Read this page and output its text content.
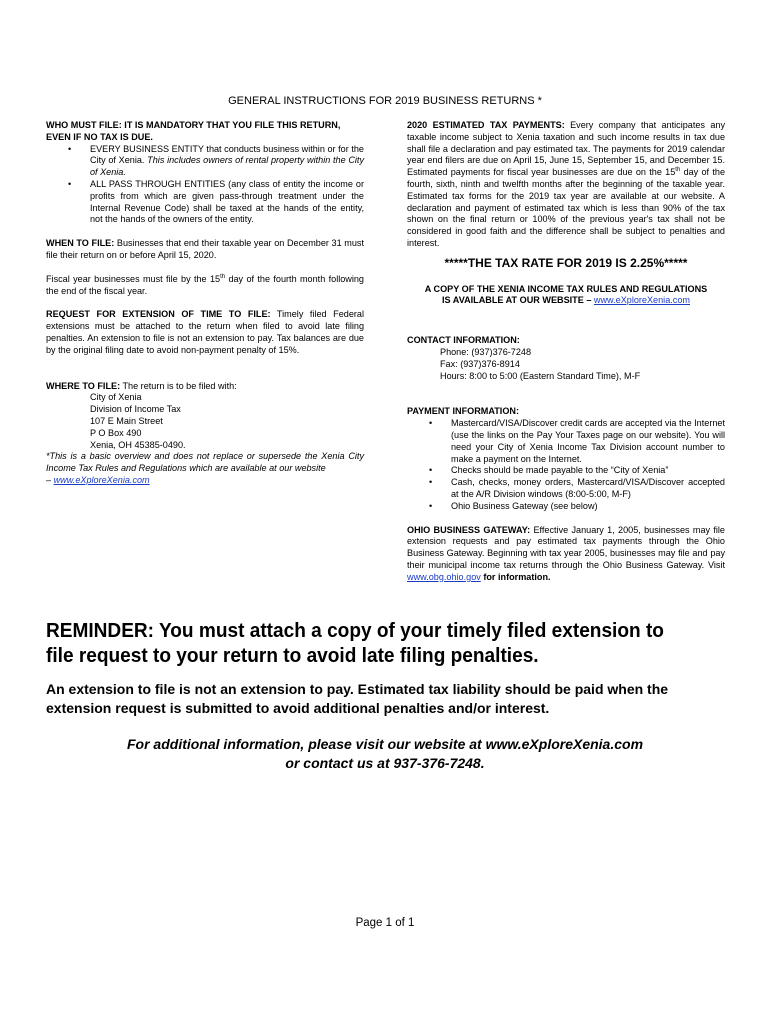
GENERAL INSTRUCTIONS FOR 2019 BUSINESS RETURNS *

WHO MUST FILE: IT IS MANDATORY THAT YOU FILE THIS RETURN, EVEN IF NO TAX IS DUE.

• EVERY BUSINESS ENTITY that conducts business within or for the City of Xenia. This includes owners of rental property within the City of Xenia.
• ALL PASS THROUGH ENTITIES (any class of entity the income or profits from which are given pass-through treatment under the Internal Revenue Code) shall be taxed at the hands of the entity, not the hands of the owners of the entity.

WHEN TO FILE: Businesses that end their taxable year on December 31 must file their return on or before April 15, 2020.

Fiscal year businesses must file by the 15th day of the fourth month following the end of the fiscal year.

REQUEST FOR EXTENSION OF TIME TO FILE: Timely filed Federal extensions must be attached to the return when filed to avoid late filing penalties. An extension to file is not an extension to pay. Tax balances are due by the original filing date to avoid non-payment penalty of 15%.

WHERE TO FILE: The return is to be filed with:

City of Xenia

Division of Income Tax

107 E Main Street

P O Box 490

Xenia, OH 45385-0490.

*This is a basic overview and does not replace or supersede the Xenia City Income Tax Rules and Regulations which are available at our website
– www.eXploreXenia.com

2020 ESTIMATED TAX PAYMENTS: Every company that anticipates any taxable income subject to Xenia taxation and such income results in tax due shall file a declaration and pay estimated tax. The payments for 2019 calendar year end filers are due on April 15, June 15, September 15, and December 15. Estimated payments for fiscal year businesses are due on the 15th day of the fourth, sixth, ninth and twelfth months after the beginning of the taxable year. Estimated tax forms for the 2019 tax year are available at our website. A declaration and payment of estimated tax which is less than 90% of the tax shown on the final return or 100% of the previous year's tax shall not be considered in good faith and the difference shall be subject to penalties and interest.

*****THE TAX RATE FOR 2019 IS 2.25%*****

A COPY OF THE XENIA INCOME TAX RULES AND REGULATIONS

IS AVAILABLE AT OUR WEBSITE – www.eXploreXenia.com

CONTACT INFORMATION:

Phone: (937)376-7248

Fax: (937)376-8914

Hours: 8:00 to 5:00 (Eastern Standard Time), M-F

PAYMENT INFORMATION:

• Mastercard/VISA/Discover credit cards are accepted via the Internet (use the links on the Pay Your Taxes page on our website). You will need your City of Xenia Income Tax Division account number to make a payment on the Internet.
• Checks should be made payable to the “City of Xenia”
• Cash, checks, money orders, Mastercard/VISA/Discover accepted at the A/R Division windows (8:00-5:00, M-F)
• Ohio Business Gateway (see below)

OHIO BUSINESS GATEWAY: Effective January 1, 2005, businesses may file extension requests and pay estimated tax payments through the Ohio Business Gateway. Beginning with tax year 2005, businesses may file and pay their municipal income tax returns through the Ohio Business Gateway. Visit www.obg.ohio.gov for information.

REMINDER: You must attach a copy of your timely filed extension to file request to your return to avoid late filing penalties.
An extension to file is not an extension to pay. Estimated tax liability should be paid when the extension request is submitted to avoid additional penalties and/or interest.
For additional information, please visit our website at www.eXploreXenia.com
or contact us at 937-376-7248.
Page 1 of 1
